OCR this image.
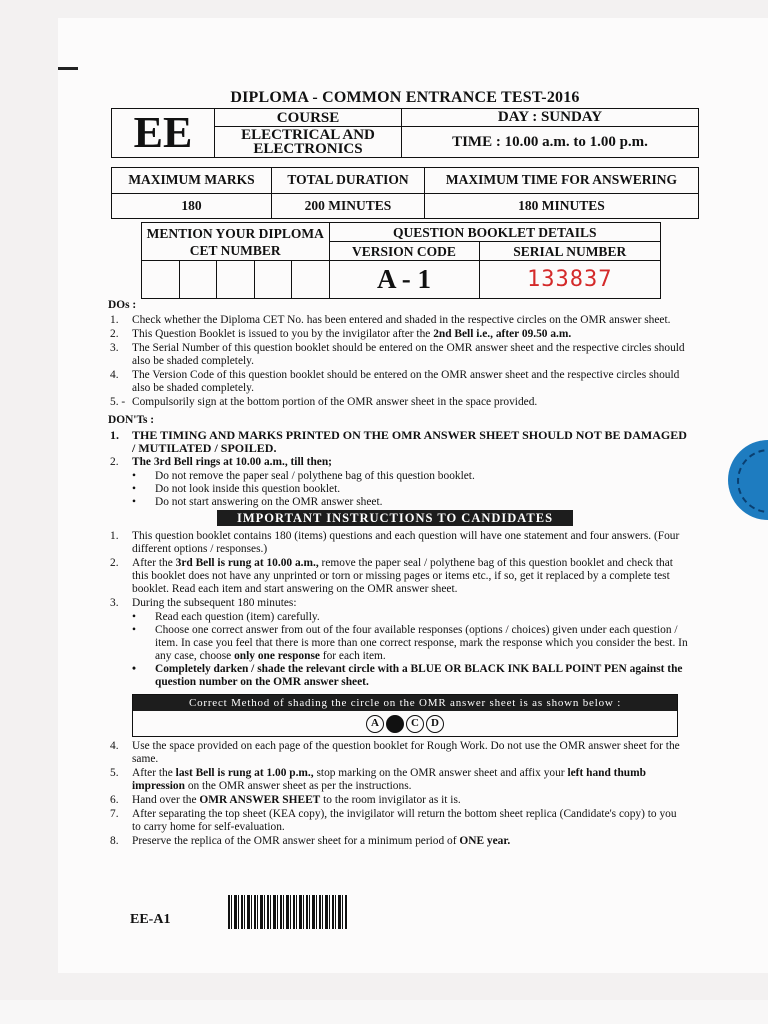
DIPLOMA - COMMON ENTRANCE TEST-2016
EE	COURSE	DAY : SUNDAY
	ELECTRICAL AND ELECTRONICS	TIME : 10.00 a.m. to 1.00 p.m.
MAXIMUM MARKS	TOTAL DURATION	MAXIMUM TIME FOR ANSWERING
180	200 MINUTES	180 MINUTES
MENTION YOUR DIPLOMA CET NUMBER					QUESTION BOOKLET DETAILS	
					VERSION CODE	SERIAL NUMBER
					A - 1	133837
DOs :
1. Check whether the Diploma CET No. has been entered and shaded in the respective circles on the OMR answer sheet.
2. This Question Booklet is issued to you by the invigilator after the 2nd Bell i.e., after 09.50 a.m.
3. The Serial Number of this question booklet should be entered on the OMR answer sheet and the respective circles should also be shaded completely.
4. The Version Code of this question booklet should be entered on the OMR answer sheet and the respective circles should also be shaded completely.
5. - Compulsorily sign at the bottom portion of the OMR answer sheet in the space provided.
DON'Ts :
1. THE TIMING AND MARKS PRINTED ON THE OMR ANSWER SHEET SHOULD NOT BE DAMAGED / MUTILATED / SPOILED.
2. The 3rd Bell rings at 10.00 a.m., till then;
• Do not remove the paper seal / polythene bag of this question booklet.
• Do not look inside this question booklet.
• Do not start answering on the OMR answer sheet.
IMPORTANT INSTRUCTIONS TO CANDIDATES
1. This question booklet contains 180 (items) questions and each question will have one statement and four answers. (Four different options / responses.)
2. After the 3rd Bell is rung at 10.00 a.m., remove the paper seal / polythene bag of this question booklet and check that this booklet does not have any unprinted or torn or missing pages or items etc., if so, get it replaced by a complete test booklet. Read each item and start answering on the OMR answer sheet.
3. During the subsequent 180 minutes:
• Read each question (item) carefully.
• Choose one correct answer from out of the four available responses (options / choices) given under each question / item. In case you feel that there is more than one correct response, mark the response which you consider the best. In any case, choose only one response for each item.
• Completely darken / shade the relevant circle with a BLUE OR BLACK INK BALL POINT PEN against the question number on the OMR answer sheet.
Correct Method of shading the circle on the OMR answer sheet is as shown below :
A	C	D
4. Use the space provided on each page of the question booklet for Rough Work. Do not use the OMR answer sheet for the same.
5. After the last Bell is rung at 1.00 p.m., stop marking on the OMR answer sheet and affix your left hand thumb impression on the OMR answer sheet as per the instructions.
6. Hand over the OMR ANSWER SHEET to the room invigilator as it is.
7. After separating the top sheet (KEA copy), the invigilator will return the bottom sheet replica (Candidate's copy) to you to carry home for self-evaluation.
8. Preserve the replica of the OMR answer sheet for a minimum period of ONE year.
EE-A1
